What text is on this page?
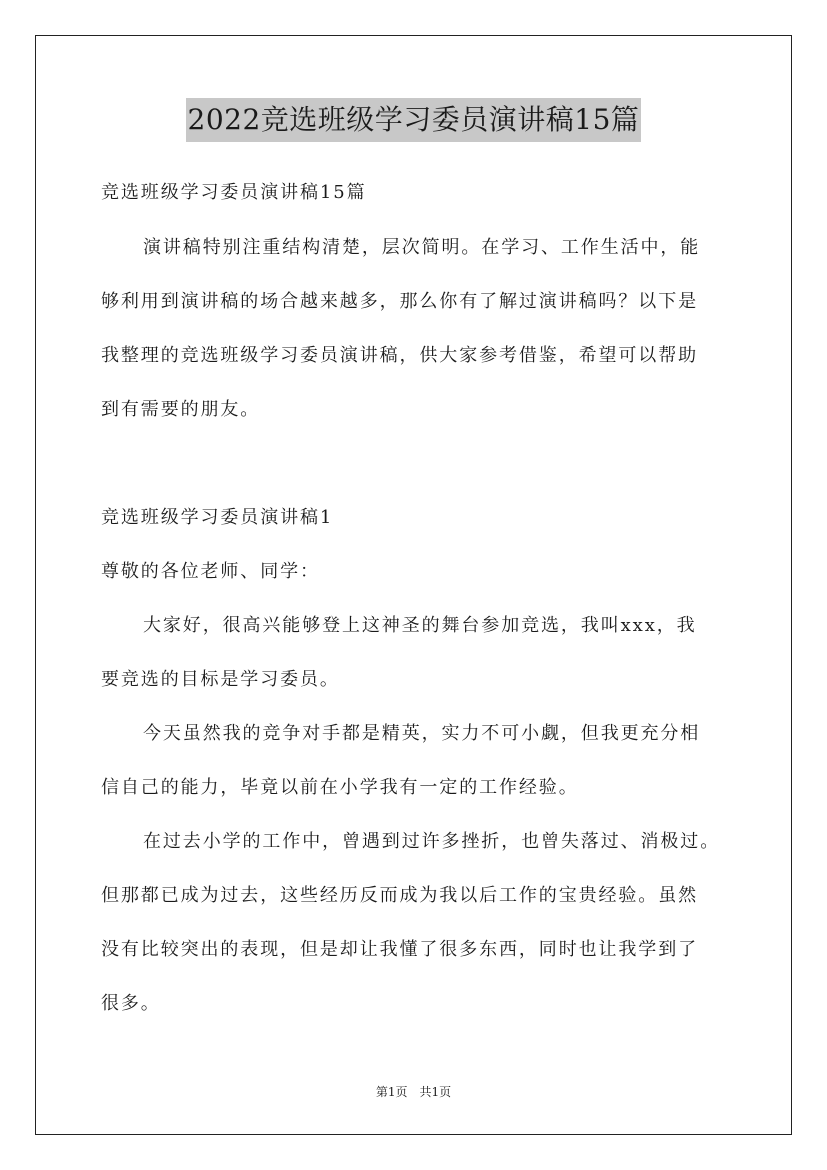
2022竞选班级学习委员演讲稿15篇
竞选班级学习委员演讲稿15篇
演讲稿特别注重结构清楚，层次简明。在学习、工作生活中，能
够利用到演讲稿的场合越来越多，那么你有了解过演讲稿吗？以下是
我整理的竞选班级学习委员演讲稿，供大家参考借鉴，希望可以帮助
到有需要的朋友。
竞选班级学习委员演讲稿1
尊敬的各位老师、同学：
大家好，很高兴能够登上这神圣的舞台参加竞选，我叫xxx，我
要竞选的目标是学习委员。
今天虽然我的竞争对手都是精英，实力不可小觑，但我更充分相
信自己的能力，毕竟以前在小学我有一定的工作经验。
在过去小学的工作中，曾遇到过许多挫折，也曾失落过、消极过。
但那都已成为过去，这些经历反而成为我以后工作的宝贵经验。虽然
没有比较突出的表现，但是却让我懂了很多东西，同时也让我学到了
很多。
第1页　共1页
